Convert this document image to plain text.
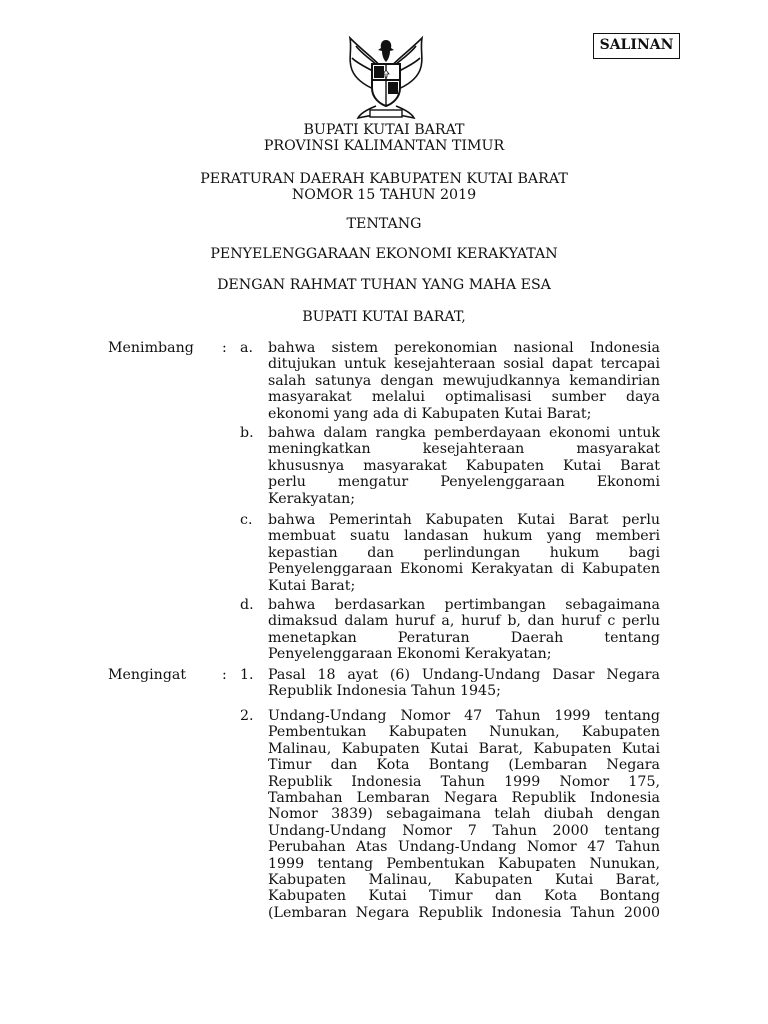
SALINAN
BUPATI KUTAI BARAT
PROVINSI KALIMANTAN TIMUR
PERATURAN DAERAH KABUPATEN KUTAI BARAT
NOMOR 15 TAHUN 2019
TENTANG
PENYELENGGARAAN EKONOMI KERAKYATAN
DENGAN RAHMAT TUHAN YANG MAHA ESA
BUPATI KUTAI BARAT,
Menimbang : a. bahwa sistem perekonomian nasional Indonesia
ditujukan untuk kesejahteraan sosial dapat tercapai
salah satunya dengan mewujudkannya kemandirian
masyarakat melalui optimalisasi sumber daya
ekonomi yang ada di Kabupaten Kutai Barat;
b. bahwa dalam rangka pemberdayaan ekonomi untuk
meningkatkan kesejahteraan masyarakat
khususnya masyarakat Kabupaten Kutai Barat
perlu mengatur Penyelenggaraan Ekonomi
Kerakyatan;
c. bahwa Pemerintah Kabupaten Kutai Barat perlu
membuat suatu landasan hukum yang memberi
kepastian dan perlindungan hukum bagi
Penyelenggaraan Ekonomi Kerakyatan di Kabupaten
Kutai Barat;
d. bahwa berdasarkan pertimbangan sebagaimana
dimaksud dalam huruf a, huruf b, dan huruf c perlu
menetapkan Peraturan Daerah tentang
Penyelenggaraan Ekonomi Kerakyatan;
Mengingat	: 1. Pasal 18 ayat (6) Undang-Undang Dasar Negara
Republik Indonesia Tahun 1945;
2. Undang-Undang Nomor 47 Tahun 1999 tentang
Pembentukan Kabupaten Nunukan, Kabupaten
Malinau, Kabupaten Kutai Barat, Kabupaten Kutai
Timur dan Kota Bontang (Lembaran Negara
Republik Indonesia Tahun 1999 Nomor 175,
Tambahan Lembaran Negara Republik Indonesia
Nomor 3839) sebagaimana telah diubah dengan
Undang-Undang Nomor 7 Tahun 2000 tentang
Perubahan Atas Undang-Undang Nomor 47 Tahun
1999 tentang Pembentukan Kabupaten Nunukan,
Kabupaten Malinau, Kabupaten Kutai Barat,
Kabupaten Kutai Timur dan Kota Bontang
(Lembaran Negara Republik Indonesia Tahun 2000
